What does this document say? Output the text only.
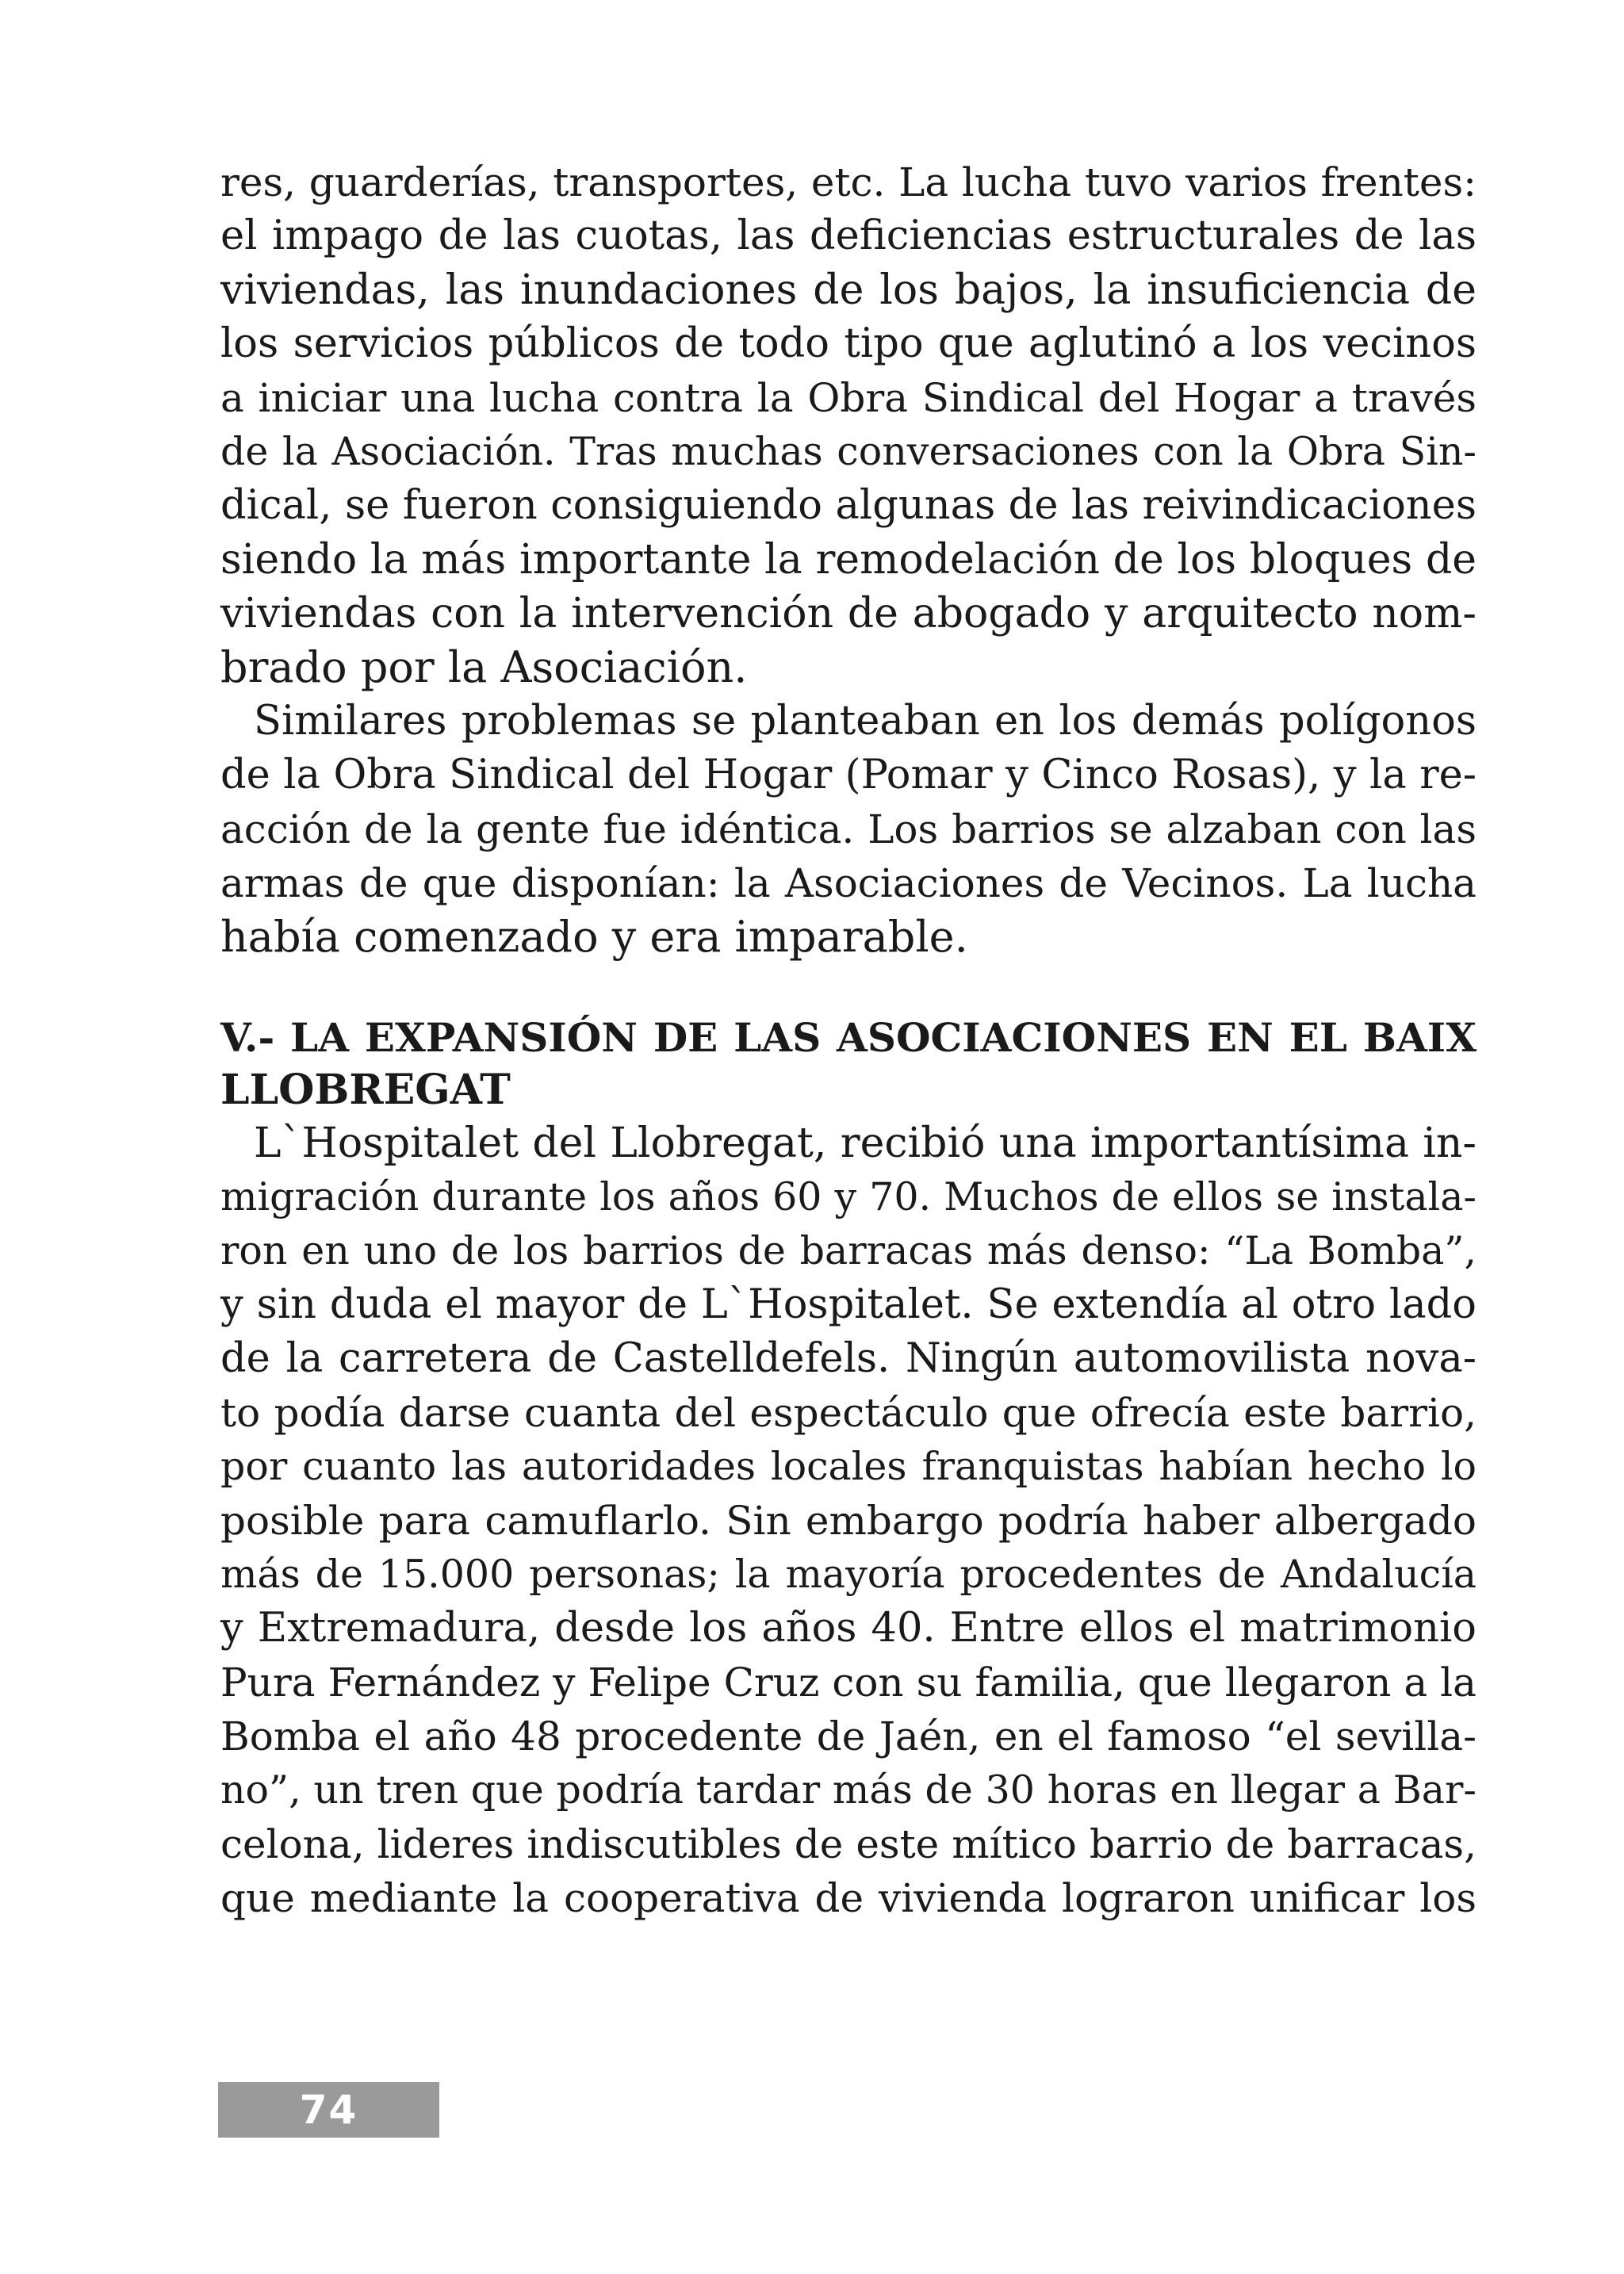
res, guarderías, transportes, etc. La lucha tuvo varios frentes:
el impago de las cuotas, las deficiencias estructurales de las
viviendas, las inundaciones de los bajos, la insuficiencia de
los servicios públicos de todo tipo que aglutinó a los vecinos
a iniciar una lucha contra la Obra Sindical del Hogar a través
de la Asociación. Tras muchas conversaciones con la Obra Sin-
dical, se fueron consiguiendo algunas de las reivindicaciones
siendo la más importante la remodelación de los bloques de
viviendas con la intervención de abogado y arquitecto nom-
brado por la Asociación.
Similares problemas se planteaban en los demás polígonos
de la Obra Sindical del Hogar (Pomar y Cinco Rosas), y la re-
acción de la gente fue idéntica. Los barrios se alzaban con las
armas de que disponían: la Asociaciones de Vecinos. La lucha
había comenzado y era imparable.
V.- LA EXPANSIÓN DE LAS ASOCIACIONES EN EL BAIX
LLOBREGAT
L`Hospitalet del Llobregat, recibió una importantísima in-
migración durante los años 60 y 70. Muchos de ellos se instala-
ron en uno de los barrios de barracas más denso: “La Bomba”,
y sin duda el mayor de L`Hospitalet. Se extendía al otro lado
de la carretera de Castelldefels. Ningún automovilista nova-
to podía darse cuanta del espectáculo que ofrecía este barrio,
por cuanto las autoridades locales franquistas habían hecho lo
posible para camuflarlo. Sin embargo podría haber albergado
más de 15.000 personas; la mayoría procedentes de Andalucía
y Extremadura, desde los años 40. Entre ellos el matrimonio
Pura Fernández y Felipe Cruz con su familia, que llegaron a la
Bomba el año 48 procedente de Jaén, en el famoso “el sevilla-
no”, un tren que podría tardar más de 30 horas en llegar a Bar-
celona, lideres indiscutibles de este mítico barrio de barracas,
que mediante la cooperativa de vivienda lograron unificar los
74
